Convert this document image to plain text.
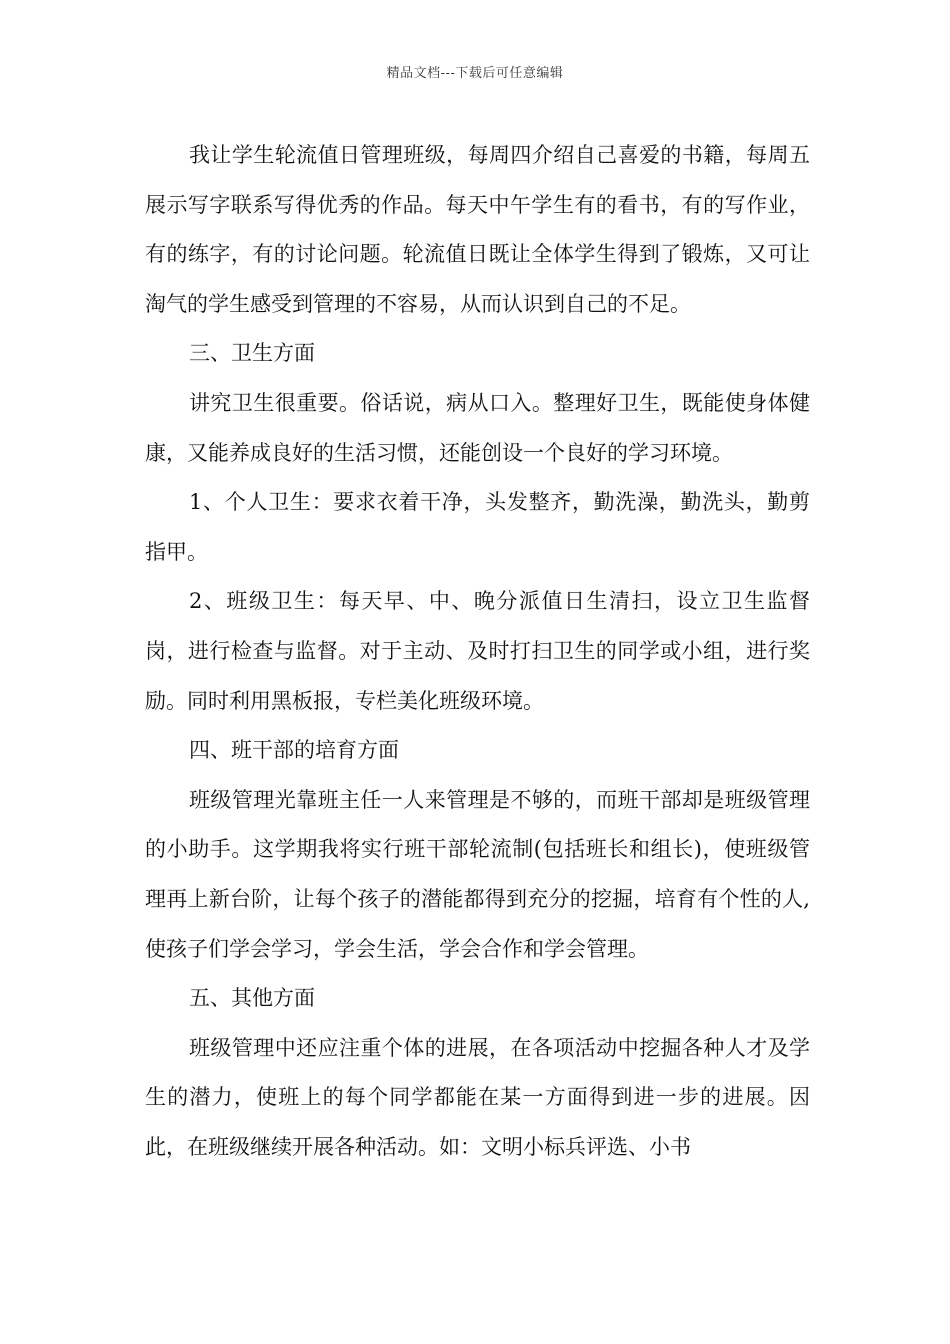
精品文档---下载后可任意编辑

我让学生轮流值日管理班级，每周四介绍自己喜爱的书籍，每周五展示写字联系写得优秀的作品。每天中午学生有的看书，有的写作业，有的练字，有的讨论问题。轮流值日既让全体学生得到了锻炼，又可让淘气的学生感受到管理的不容易，从而认识到自己的不足。

三、卫生方面

讲究卫生很重要。俗话说，病从口入。整理好卫生，既能使身体健康，又能养成良好的生活习惯，还能创设一个良好的学习环境。

1、个人卫生：要求衣着干净，头发整齐，勤洗澡，勤洗头，勤剪指甲。

2、班级卫生：每天早、中、晚分派值日生清扫，设立卫生监督岗，进行检查与监督。对于主动、及时打扫卫生的同学或小组，进行奖励。同时利用黑板报，专栏美化班级环境。

四、班干部的培育方面

班级管理光靠班主任一人来管理是不够的，而班干部却是班级管理的小助手。这学期我将实行班干部轮流制(包括班长和组长)，使班级管理再上新台阶，让每个孩子的潜能都得到充分的挖掘，培育有个性的人,使孩子们学会学习，学会生活，学会合作和学会管理。

五、其他方面

班级管理中还应注重个体的进展，在各项活动中挖掘各种人才及学生的潜力，使班上的每个同学都能在某一方面得到进一步的进展。因此，在班级继续开展各种活动。如：文明小标兵评选、小书
